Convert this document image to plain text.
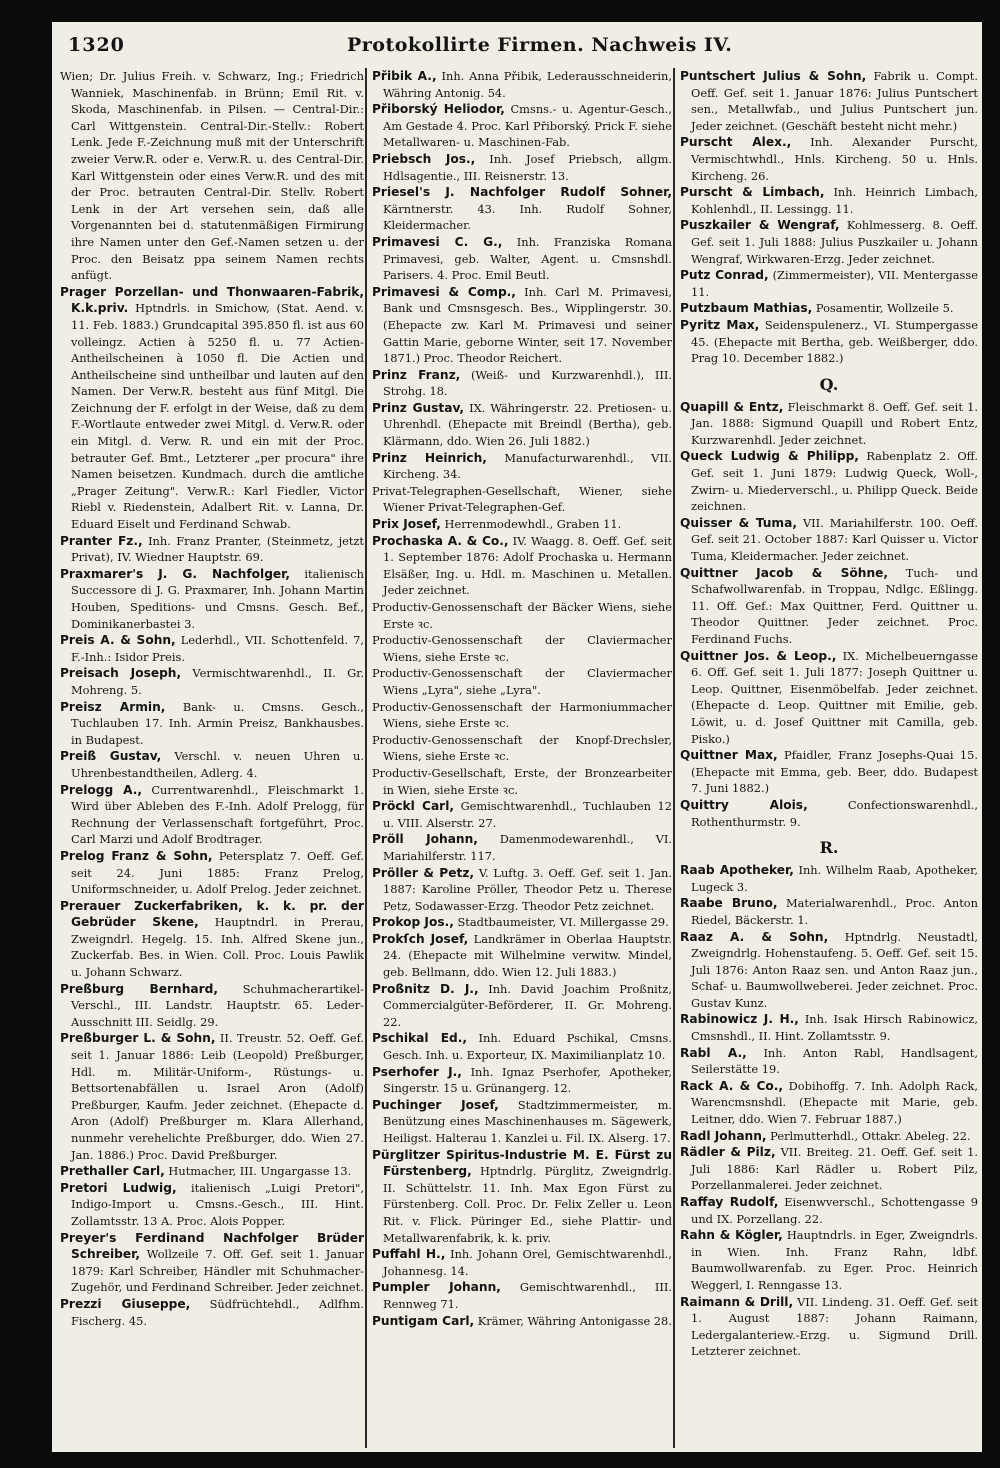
1320	Protokollirte Firmen. Nachweis IV.

Wien; Dr. Julius Freih. v. Schwarz, Ing.; Friedrich Wanniek, Maschinenfab. in Brünn; Emil Rit. v. Skoda, Maschinenfab. in Pilsen. — Central-Dir.: Carl Wittgenstein. Central-Dir.-Stellv.: Robert Lenk. Jede F.-Zeichnung muß mit der Unterschrift zweier Verw.R. oder e. Verw.R. u. des Central-Dir. Karl Wittgenstein oder eines Verw.R. und des mit der Proc. betrauten Central-Dir. Stellv. Robert Lenk in der Art versehen sein, daß alle Vorgenannten bei d. statutenmäßigen Firmirung ihre Namen unter den Gef.-Namen setzen u. der Proc. den Beisatz ppa seinem Namen rechts anfügt.

Prager Porzellan- und Thonwaaren-Fabrik, K.k.priv. Hptndrls. in Smichow, (Stat. Aend. v. 11. Feb. 1883.) Grundcapital 395.850 fl. ist aus 60 volleingz. Actien à 5250 fl. u. 77 Actien-Antheilscheinen à 1050 fl. Die Actien und Antheilscheine sind untheilbar und lauten auf den Namen. Der Verw.R. besteht aus fünf Mitgl. Die Zeichnung der F. erfolgt in der Weise, daß zu dem F.-Wortlaute entweder zwei Mitgl. d. Verw.R. oder ein Mitgl. d. Verw. R. und ein mit der Proc. betrauter Gef. Bmt., Letzterer „per procura" ihre Namen beisetzen. Kundmach. durch die amtliche „Prager Zeitung". Verw.R.: Karl Fiedler, Victor Riebl v. Riedenstein, Adalbert Rit. v. Lanna, Dr. Eduard Eiselt und Ferdinand Schwab.

Pranter Fz., Inh. Franz Pranter, (Steinmetz, jetzt Privat), IV. Wiedner Hauptstr. 69.

Praxmarer's J. G. Nachfolger, italienisch Successore di J. G. Praxmarer, Inh. Johann Martin Houben, Speditions- und Cmsns. Gesch. Bef., Dominikanerbastei 3.

Preis A. & Sohn, Lederhdl., VII. Schottenfeld. 7, F.-Inh.: Isidor Preis.

Preisach Joseph, Vermischtwarenhdl., II. Gr. Mohreng. 5.

Preisz Armin, Bank- u. Cmsns. Gesch., Tuchlauben 17. Inh. Armin Preisz, Bankhausbes. in Budapest.

Preiß Gustav, Verschl. v. neuen Uhren u. Uhrenbestandtheilen, Adlerg. 4.

Prelogg A., Currentwarenhdl., Fleischmarkt 1. Wird über Ableben des F.-Inh. Adolf Prelogg, für Rechnung der Verlassenschaft fortgeführt, Proc. Carl Marzi und Adolf Brodtrager.

Prelog Franz & Sohn, Petersplatz 7. Oeff. Gef. seit 24. Juni 1885: Franz Prelog, Uniformschneider, u. Adolf Prelog. Jeder zeichnet.

Prerauer Zuckerfabriken, k. k. pr. der Gebrüder Skene, Hauptndrl. in Prerau, Zweigndrl. Hegelg. 15. Inh. Alfred Skene jun., Zuckerfab. Bes. in Wien. Coll. Proc. Louis Pawlik u. Johann Schwarz.

Preßburg Bernhard, Schuhmacherartikel-Verschl., III. Landstr. Hauptstr. 65. Leder-Ausschnitt III. Seidlg. 29.

Preßburger L. & Sohn, II. Treustr. 52. Oeff. Gef. seit 1. Januar 1886: Leib (Leopold) Preßburger, Hdl. m. Militär-Uniform-, Rüstungs- u. Bettsortenabfällen u. Israel Aron (Adolf) Preßburger, Kaufm. Jeder zeichnet. (Ehepacte d. Aron (Adolf) Preßburger m. Klara Allerhand, nunmehr verehelichte Preßburger, ddo. Wien 27. Jan. 1886.) Proc. David Preßburger.

Prethaller Carl, Hutmacher, III. Ungargasse 13.

Pretori Ludwig, italienisch „Luigi Pretori", Indigo-Import u. Cmsns.-Gesch., III. Hint. Zollamtsstr. 13 A. Proc. Alois Popper.

Preyer's Ferdinand Nachfolger Brüder Schreiber, Wollzeile 7. Off. Gef. seit 1. Januar 1879: Karl Schreiber, Händler mit Schuhmacher-Zugehör, und Ferdinand Schreiber. Jeder zeichnet.

Prezzi Giuseppe, Südfrüchtehdl., Adlfhm. Fischerg. 45.

Přibik A., Inh. Anna Přibik, Lederausschneiderin, Währing Antonig. 54.

Přiborský Heliodor, Cmsns.- u. Agentur-Gesch., Am Gestade 4. Proc. Karl Přiborský. Prick F. siehe Metallwaren- u. Maschinen-Fab.

Priebsch Jos., Inh. Josef Priebsch, allgm. Hdlsagentie., III. Reisnerstr. 13.

Priesel's J. Nachfolger Rudolf Sohner, Kärntnerstr. 43. Inh. Rudolf Sohner, Kleidermacher.

Primavesi C. G., Inh. Franziska Romana Primavesi, geb. Walter, Agent. u. Cmsnshdl. Parisers. 4. Proc. Emil Beutl.

Primavesi & Comp., Inh. Carl M. Primavesi, Bank und Cmsnsgesch. Bes., Wipplingerstr. 30. (Ehepacte zw. Karl M. Primavesi und seiner Gattin Marie, geborne Winter, seit 17. November 1871.) Proc. Theodor Reichert.

Prinz Franz, (Weiß- und Kurzwarenhdl.), III. Strohg. 18.

Prinz Gustav, IX. Währingerstr. 22. Pretiosen- u. Uhrenhdl. (Ehepacte mit Breindl (Bertha), geb. Klärmann, ddo. Wien 26. Juli 1882.)

Prinz Heinrich, Manufacturwarenhdl., VII. Kircheng. 34.

Privat-Telegraphen-Gesellschaft, Wiener, siehe Wiener Privat-Telegraphen-Gef.

Prix Josef, Herrenmodewhdl., Graben 11.

Prochaska A. & Co., IV. Waagg. 8. Oeff. Gef. seit 1. September 1876: Adolf Prochaska u. Hermann Elsäßer, Ing. u. Hdl. m. Maschinen u. Metallen. Jeder zeichnet.

Productiv-Genossenschaft der Bäcker Wiens, siehe Erste ꝛc.

Productiv-Genossenschaft der Claviermacher Wiens, siehe Erste ꝛc.

Productiv-Genossenschaft der Claviermacher Wiens „Lyra", siehe „Lyra".

Productiv-Genossenschaft der Harmoniummacher Wiens, siehe Erste ꝛc.

Productiv-Genossenschaft der Knopf-Drechsler, Wiens, siehe Erste ꝛc.

Productiv-Gesellschaft, Erste, der Bronzearbeiter in Wien, siehe Erste ꝛc.

Pröckl Carl, Gemischtwarenhdl., Tuchlauben 12 u. VIII. Alserstr. 27.

Pröll Johann, Damenmodewarenhdl., VI. Mariahilferstr. 117.

Pröller & Petz, V. Luftg. 3. Oeff. Gef. seit 1. Jan. 1887: Karoline Pröller, Theodor Petz u. Therese Petz, Sodawasser-Erzg. Theodor Petz zeichnet.

Prokop Jos., Stadtbaumeister, VI. Millergasse 29.

Prokſch Josef, Landkrämer in Oberlaa Hauptstr. 24. (Ehepacte mit Wilhelmine verwitw. Mindel, geb. Bellmann, ddo. Wien 12. Juli 1883.)

Proßnitz D. J., Inh. David Joachim Proßnitz, Commercialgüter-Beförderer, II. Gr. Mohreng. 22.

Pschikal Ed., Inh. Eduard Pschikal, Cmsns. Gesch. Inh. u. Exporteur, IX. Maximilianplatz 10.

Pserhofer J., Inh. Ignaz Pserhofer, Apotheker, Singerstr. 15 u. Grünangerg. 12.

Puchinger Josef, Stadtzimmermeister, m. Benützung eines Maschinenhauses m. Sägewerk, Heiligst. Halterau 1. Kanzlei u. Fil. IX. Alserg. 17.

Pürglitzer Spiritus-Industrie M. E. Fürst zu Fürstenberg, Hptndrlg. Pürglitz, Zweigndrlg. II. Schüttelstr. 11. Inh. Max Egon Fürst zu Fürstenberg. Coll. Proc. Dr. Felix Zeller u. Leon Rit. v. Flick. Püringer Ed., siehe Plattir- und Metallwarenfabrik, k. k. priv.

Puffahl H., Inh. Johann Orel, Gemischtwarenhdl., Johannesg. 14.

Pumpler Johann, Gemischtwarenhdl., III. Rennweg 71.

Puntigam Carl, Krämer, Währing Antonigasse 28.

Puntschert Julius & Sohn, Fabrik u. Compt. Oeff. Gef. seit 1. Januar 1876: Julius Puntschert sen., Metallwfab., und Julius Puntschert jun. Jeder zeichnet. (Geschäft besteht nicht mehr.)

Purscht Alex., Inh. Alexander Purscht, Vermischtwhdl., Hnls. Kircheng. 50 u. Hnls. Kircheng. 26.

Purscht & Limbach, Inh. Heinrich Limbach, Kohlenhdl., II. Lessingg. 11.

Puszkailer & Wengraf, Kohlmesserg. 8. Oeff. Gef. seit 1. Juli 1888: Julius Puszkailer u. Johann Wengraf, Wirkwaren-Erzg. Jeder zeichnet.

Putz Conrad, (Zimmermeister), VII. Mentergasse 11.

Putzbaum Mathias, Posamentir, Wollzeile 5.

Pyritz Max, Seidenspulenerz., VI. Stumpergasse 45. (Ehepacte mit Bertha, geb. Weißberger, ddo. Prag 10. December 1882.)

Q.

Quapill & Entz, Fleischmarkt 8. Oeff. Gef. seit 1. Jan. 1888: Sigmund Quapill und Robert Entz, Kurzwarenhdl. Jeder zeichnet.

Queck Ludwig & Philipp, Rabenplatz 2. Off. Gef. seit 1. Juni 1879: Ludwig Queck, Woll-, Zwirn- u. Miederverschl., u. Philipp Queck. Beide zeichnen.

Quisser & Tuma, VII. Mariahilferstr. 100. Oeff. Gef. seit 21. October 1887: Karl Quisser u. Victor Tuma, Kleidermacher. Jeder zeichnet.

Quittner Jacob & Söhne, Tuch- und Schafwollwarenfab. in Troppau, Ndlgc. Eßlingg. 11. Off. Gef.: Max Quittner, Ferd. Quittner u. Theodor Quittner. Jeder zeichnet. Proc. Ferdinand Fuchs.

Quittner Jos. & Leop., IX. Michelbeuerngasse 6. Off. Gef. seit 1. Juli 1877: Joseph Quittner u. Leop. Quittner, Eisenmöbelfab. Jeder zeichnet. (Ehepacte d. Leop. Quittner mit Emilie, geb. Löwit, u. d. Josef Quittner mit Camilla, geb. Pisko.)

Quittner Max, Pfaidler, Franz Josephs-Quai 15. (Ehepacte mit Emma, geb. Beer, ddo. Budapest 7. Juni 1882.)

Quittry Alois,	Confectionswarenhdl., Rothenthurmstr. 9.

R.

Raab Apotheker, Inh. Wilhelm Raab, Apotheker, Lugeck 3.

Raabe Bruno, Materialwarenhdl., Proc. Anton Riedel, Bäckerstr. 1.

Raaz A. & Sohn, Hptndrlg. Neustadtl, Zweigndrlg. Hohenstaufeng. 5. Oeff. Gef. seit 15. Juli 1876: Anton Raaz sen. und Anton Raaz jun., Schaf- u. Baumwollweberei. Jeder zeichnet. Proc. Gustav Kunz.

Rabinowicz J. H., Inh. Isak Hirsch Rabinowicz, Cmsnshdl., II. Hint. Zollamtsstr. 9.

Rabl A., Inh. Anton Rabl, Handlsagent, Seilerstätte 19.

Rack A. & Co., Dobihoffg. 7. Inh. Adolph Rack, Warencmsnshdl. (Ehepacte mit Marie, geb. Leitner, ddo. Wien 7. Februar 1887.)

Radl Johann, Perlmutterhdl., Ottakr. Abeleg. 22.

Rädler & Pilz, VII. Breiteg. 21. Oeff. Gef. seit 1. Juli 1886: Karl Rädler u. Robert Pilz, Porzellanmalerei. Jeder zeichnet.

Raffay Rudolf, Eisenwverschl., Schottengasse 9 und IX. Porzellang. 22.

Rahn & Kögler, Hauptndrls. in Eger, Zweigndrls. in Wien. Inh. Franz Rahn, ldbf. Baumwollwarenfab. zu Eger. Proc. Heinrich Weggerl, I. Renngasse 13.

Raimann & Drill, VII. Lindeng. 31. Oeff. Gef. seit 1. August 1887: Johann Raimann, Ledergalanteriew.-Erzg. u. Sigmund Drill. Letzterer zeichnet.
